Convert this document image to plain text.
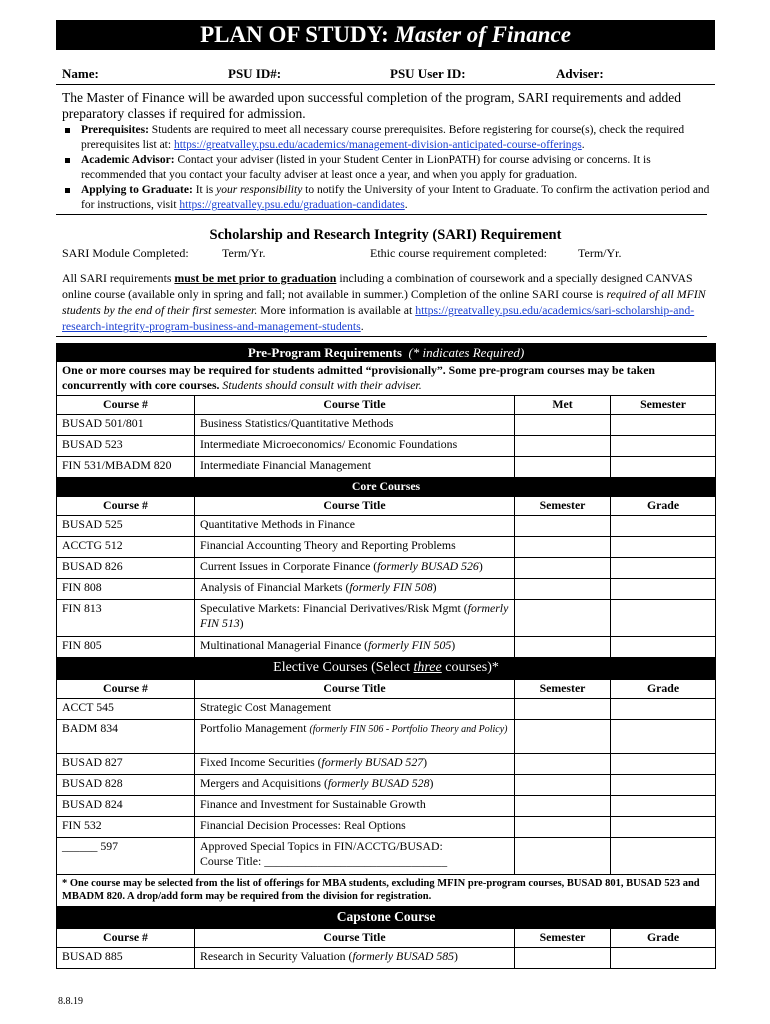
PLAN OF STUDY: Master of Finance
Name:	PSU ID#:	PSU User ID:	Adviser:
The Master of Finance will be awarded upon successful completion of the program, SARI requirements and added preparatory classes if required for admission.
Prerequisites: Students are required to meet all necessary course prerequisites. Before registering for course(s), check the required prerequisites list at: https://greatvalley.psu.edu/academics/management-division-anticipated-course-offerings.
Academic Advisor: Contact your adviser (listed in your Student Center in LionPATH) for course advising or concerns. It is recommended that you contact your faculty adviser at least once a year, and when you apply for graduation.
Applying to Graduate: It is your responsibility to notify the University of your Intent to Graduate. To confirm the activation period and for instructions, visit https://greatvalley.psu.edu/graduation-candidates.
Scholarship and Research Integrity (SARI) Requirement
SARI Module Completed:	Term/Yr.	Ethic course requirement completed:	Term/Yr.
All SARI requirements must be met prior to graduation including a combination of coursework and a specially designed CANVAS online course (available only in spring and fall; not available in summer.) Completion of the online SARI course is required of all MFIN students by the end of their first semester. More information is available at https://greatvalley.psu.edu/academics/sari-scholarship-and-research-integrity-program-business-and-management-students.
Pre-Program Requirements (* indicates Required)			
One or more courses may be required for students admitted “provisionally”. Some pre-program courses may be taken concurrently with core courses. Students should consult with their adviser.			
Course #	Course Title	Met	Semester
BUSAD 501/801	Business Statistics/Quantitative Methods		
BUSAD 523	Intermediate Microeconomics/ Economic Foundations		
FIN 531/MBADM 820	Intermediate Financial Management		
Core Courses			
Course #	Course Title	Semester	Grade
BUSAD 525	Quantitative Methods in Finance		
ACCTG 512	Financial Accounting Theory and Reporting Problems		
BUSAD 826	Current Issues in Corporate Finance (formerly BUSAD 526)		
FIN 808	Analysis of Financial Markets (formerly FIN 508)		
FIN 813	Speculative Markets: Financial Derivatives/Risk Mgmt (formerly FIN 513)		
FIN 805	Multinational Managerial Finance (formerly FIN 505)		
Elective Courses (Select three courses)*			
Course #	Course Title	Semester	Grade
ACCT 545	Strategic Cost Management		
BADM 834	Portfolio Management (formerly FIN 506 - Portfolio Theory and Policy)		
BUSAD 827	Fixed Income Securities (formerly BUSAD 527)		
BUSAD 828	Mergers and Acquisitions (formerly BUSAD 528)		
BUSAD 824	Finance and Investment for Sustainable Growth		
FIN 532	Financial Decision Processes: Real Options		
______ 597	Approved Special Topics in FIN/ACCTG/BUSAD:
Course Title: _______________________________		

* One course may be selected from the list of offerings for MBA students, excluding MFIN pre-program courses, BUSAD 801, BUSAD 523 and MBADM 820. A drop/add form may be required from the division for registration.			
Capstone Course			
Course #	Course Title	Semester	Grade
BUSAD 885	Research in Security Valuation (formerly BUSAD 585)		
8.8.19
